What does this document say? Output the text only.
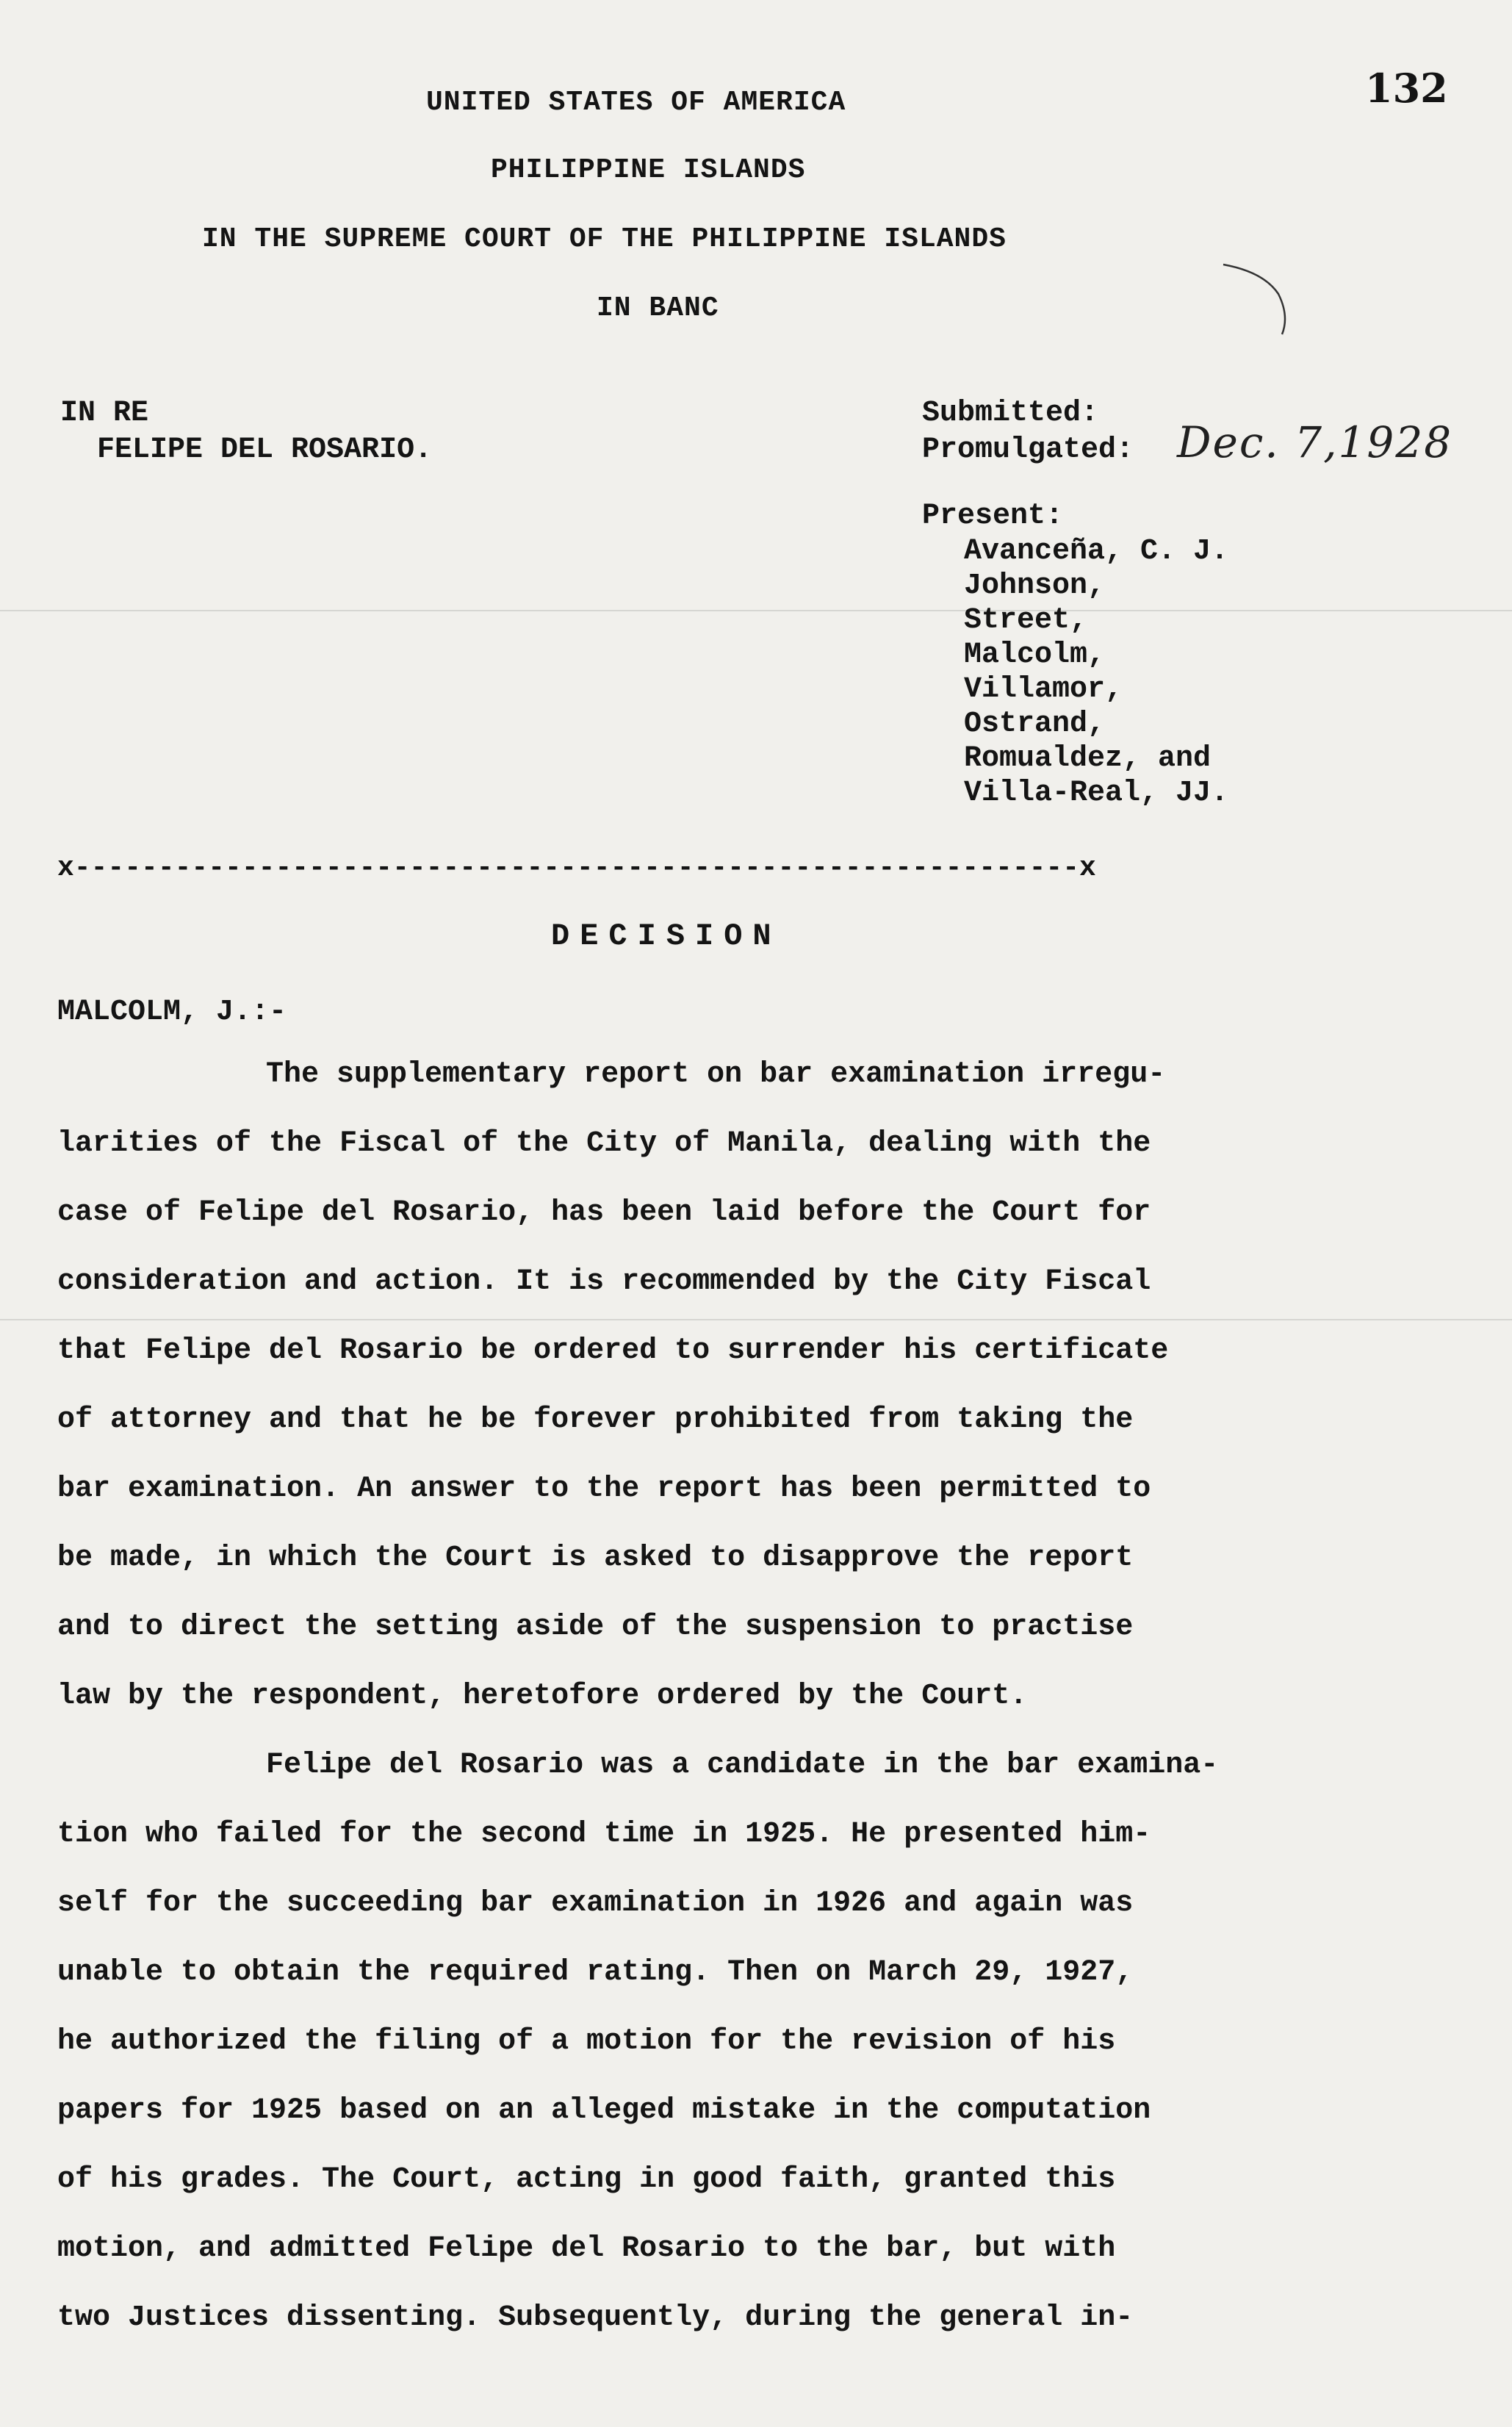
132
UNITED STATES OF AMERICA
PHILIPPINE ISLANDS
IN THE SUPREME COURT OF THE PHILIPPINE ISLANDS
IN BANC
IN RE
FELIPE DEL ROSARIO.
Submitted:
Promulgated: Dec. 7,1928
Present:
Avanceña, C. J.
Johnson,
Street,
Malcolm,
Villamor,
Ostrand,
Romualdez, and
Villa-Real, JJ.
x------------------------------------------------------------x
DECISION
MALCOLM, J.:-
The supplementary report on bar examination irregu-
larities of the Fiscal of the City of Manila, dealing with the
case of Felipe del Rosario, has been laid before the Court for
consideration and action. It is recommended by the City Fiscal
that Felipe del Rosario be ordered to surrender his certificate
of attorney and that he be forever prohibited from taking the
bar examination. An answer to the report has been permitted to
be made, in which the Court is asked to disapprove the report
and to direct the setting aside of the suspension to practise
law by the respondent, heretofore ordered by the Court.
Felipe del Rosario was a candidate in the bar examina-
tion who failed for the second time in 1925. He presented him-
self for the succeeding bar examination in 1926 and again was
unable to obtain the required rating. Then on March 29, 1927,
he authorized the filing of a motion for the revision of his
papers for 1925 based on an alleged mistake in the computation
of his grades. The Court, acting in good faith, granted this
motion, and admitted Felipe del Rosario to the bar, but with
two Justices dissenting. Subsequently, during the general in-
